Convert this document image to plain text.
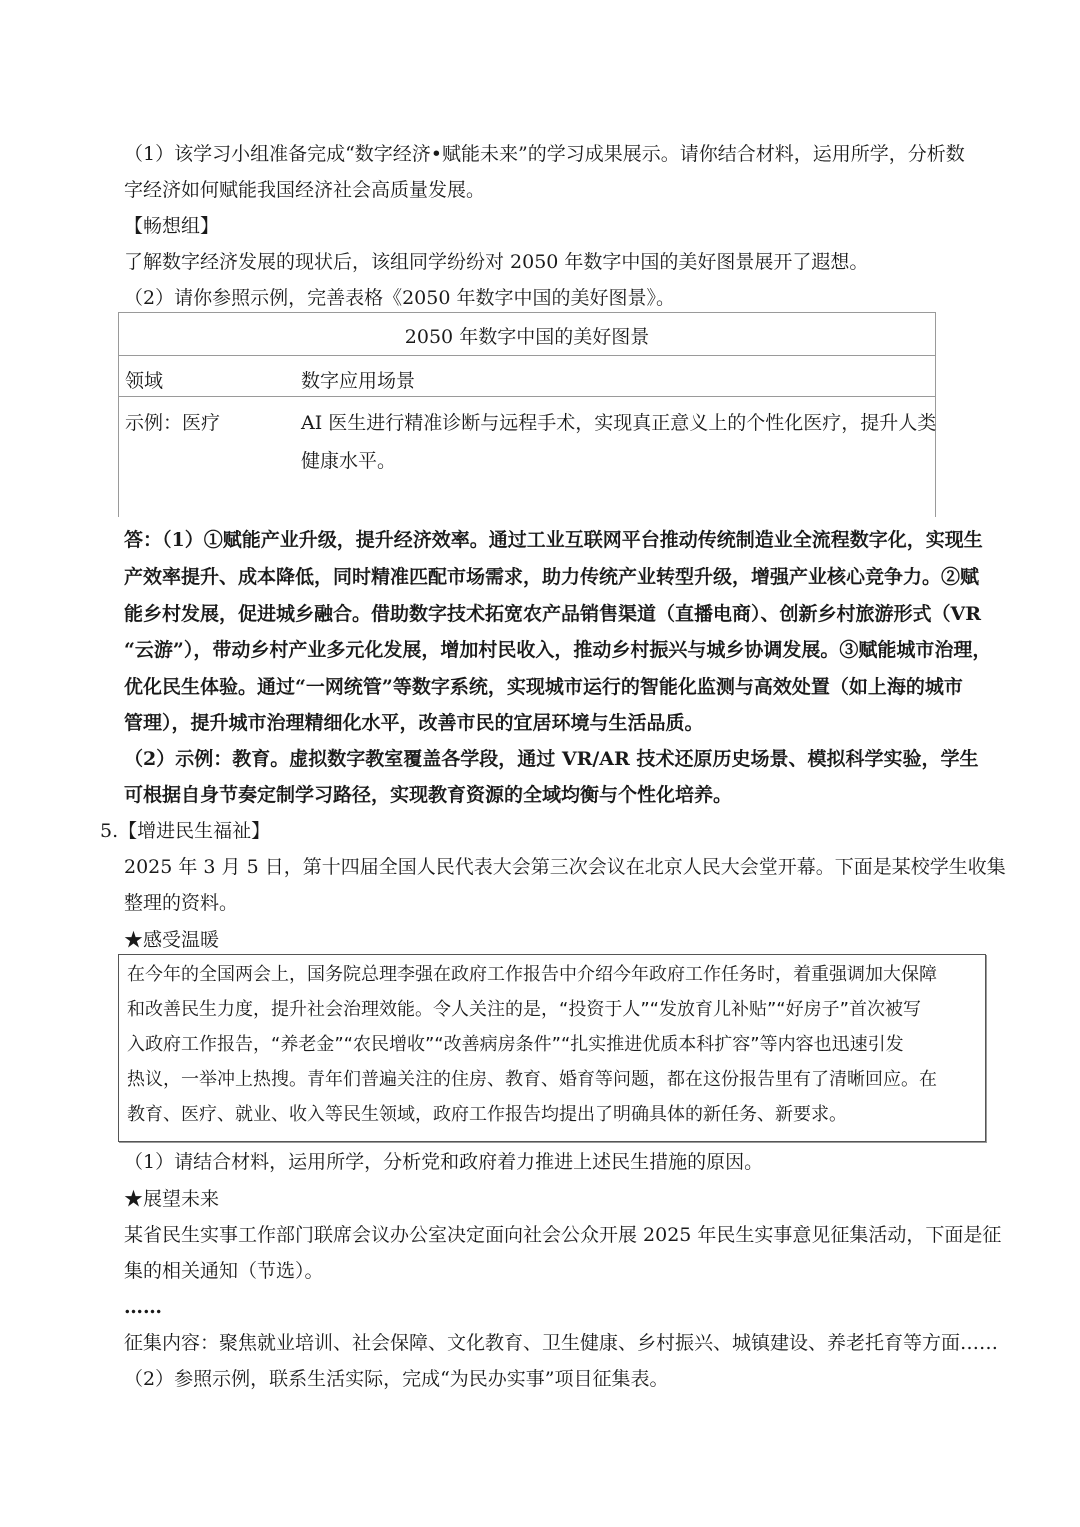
（1）该学习小组准备完成“数字经济•赋能未来”的学习成果展示。请你结合材料，运用所学，分析数
字经济如何赋能我国经济社会高质量发展。
【畅想组】
了解数字经济发展的现状后，该组同学纷纷对 2050 年数字中国的美好图景展开了遐想。
（2）请你参照示例，完善表格《2050 年数字中国的美好图景》。
2050 年数字中国的美好图景
领域	数字应用场景
示例：医疗	AI 医生进行精准诊断与远程手术，实现真正意义上的个性化医疗，提升人类
健康水平。
答：（1）①赋能产业升级，提升经济效率。通过工业互联网平台推动传统制造业全流程数字化，实现生
产效率提升、成本降低，同时精准匹配市场需求，助力传统产业转型升级，增强产业核心竞争力。②赋
能乡村发展，促进城乡融合。借助数字技术拓宽农产品销售渠道（直播电商）、创新乡村旅游形式（VR
“云游”），带动乡村产业多元化发展，增加村民收入，推动乡村振兴与城乡协调发展。③赋能城市治理，
优化民生体验。通过“一网统管”等数字系统，实现城市运行的智能化监测与高效处置（如上海的城市
管理），提升城市治理精细化水平，改善市民的宜居环境与生活品质。
（2）示例：教育。虚拟数字教室覆盖各学段，通过 VR/AR 技术还原历史场景、模拟科学实验，学生
可根据自身节奏定制学习路径，实现教育资源的全域均衡与个性化培养。
5.【增进民生福祉】
2025 年 3 月 5 日，第十四届全国人民代表大会第三次会议在北京人民大会堂开幕。下面是某校学生收集
整理的资料。
★感受温暖
在今年的全国两会上，国务院总理李强在政府工作报告中介绍今年政府工作任务时，着重强调加大保障
和改善民生力度，提升社会治理效能。令人关注的是，“投资于人”“发放育儿补贴”“好房子”首次被写
入政府工作报告，“养老金”“农民增收”“改善病房条件”“扎实推进优质本科扩容”等内容也迅速引发
热议，一举冲上热搜。青年们普遍关注的住房、教育、婚育等问题，都在这份报告里有了清晰回应。在
教育、医疗、就业、收入等民生领域，政府工作报告均提出了明确具体的新任务、新要求。
（1）请结合材料，运用所学，分析党和政府着力推进上述民生措施的原因。
★展望未来
某省民生实事工作部门联席会议办公室决定面向社会公众开展 2025 年民生实事意见征集活动，下面是征
集的相关通知（节选）。
……
征集内容：聚焦就业培训、社会保障、文化教育、卫生健康、乡村振兴、城镇建设、养老托育等方面……
（2）参照示例，联系生活实际，完成“为民办实事”项目征集表。
